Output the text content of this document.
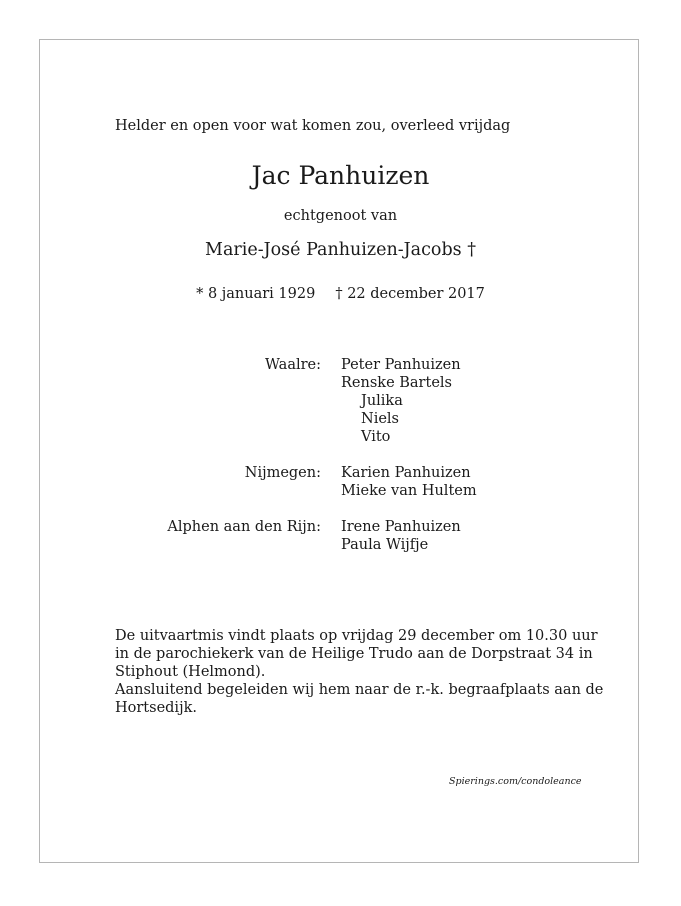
Helder en open voor wat komen zou, overleed vrijdag
Jac Panhuizen
echtgenoot van
Marie-José Panhuizen-Jacobs †
* 8 januari 1929 † 22 december 2017
Waalre: Peter Panhuizen
Renske Bartels
Julika
Niels
Vito
Nijmegen: Karien Panhuizen
Mieke van Hultem
Alphen aan den Rijn: Irene Panhuizen
Paula Wijfje
De uitvaartmis vindt plaats op vrijdag 29 december om 10.30 uur
in de parochiekerk van de Heilige Trudo aan de Dorpstraat 34 in
Stiphout (Helmond).
Aansluitend begeleiden wij hem naar de r.-k. begraafplaats aan de
Hortsedijk.
Spierings.com/condoleance
